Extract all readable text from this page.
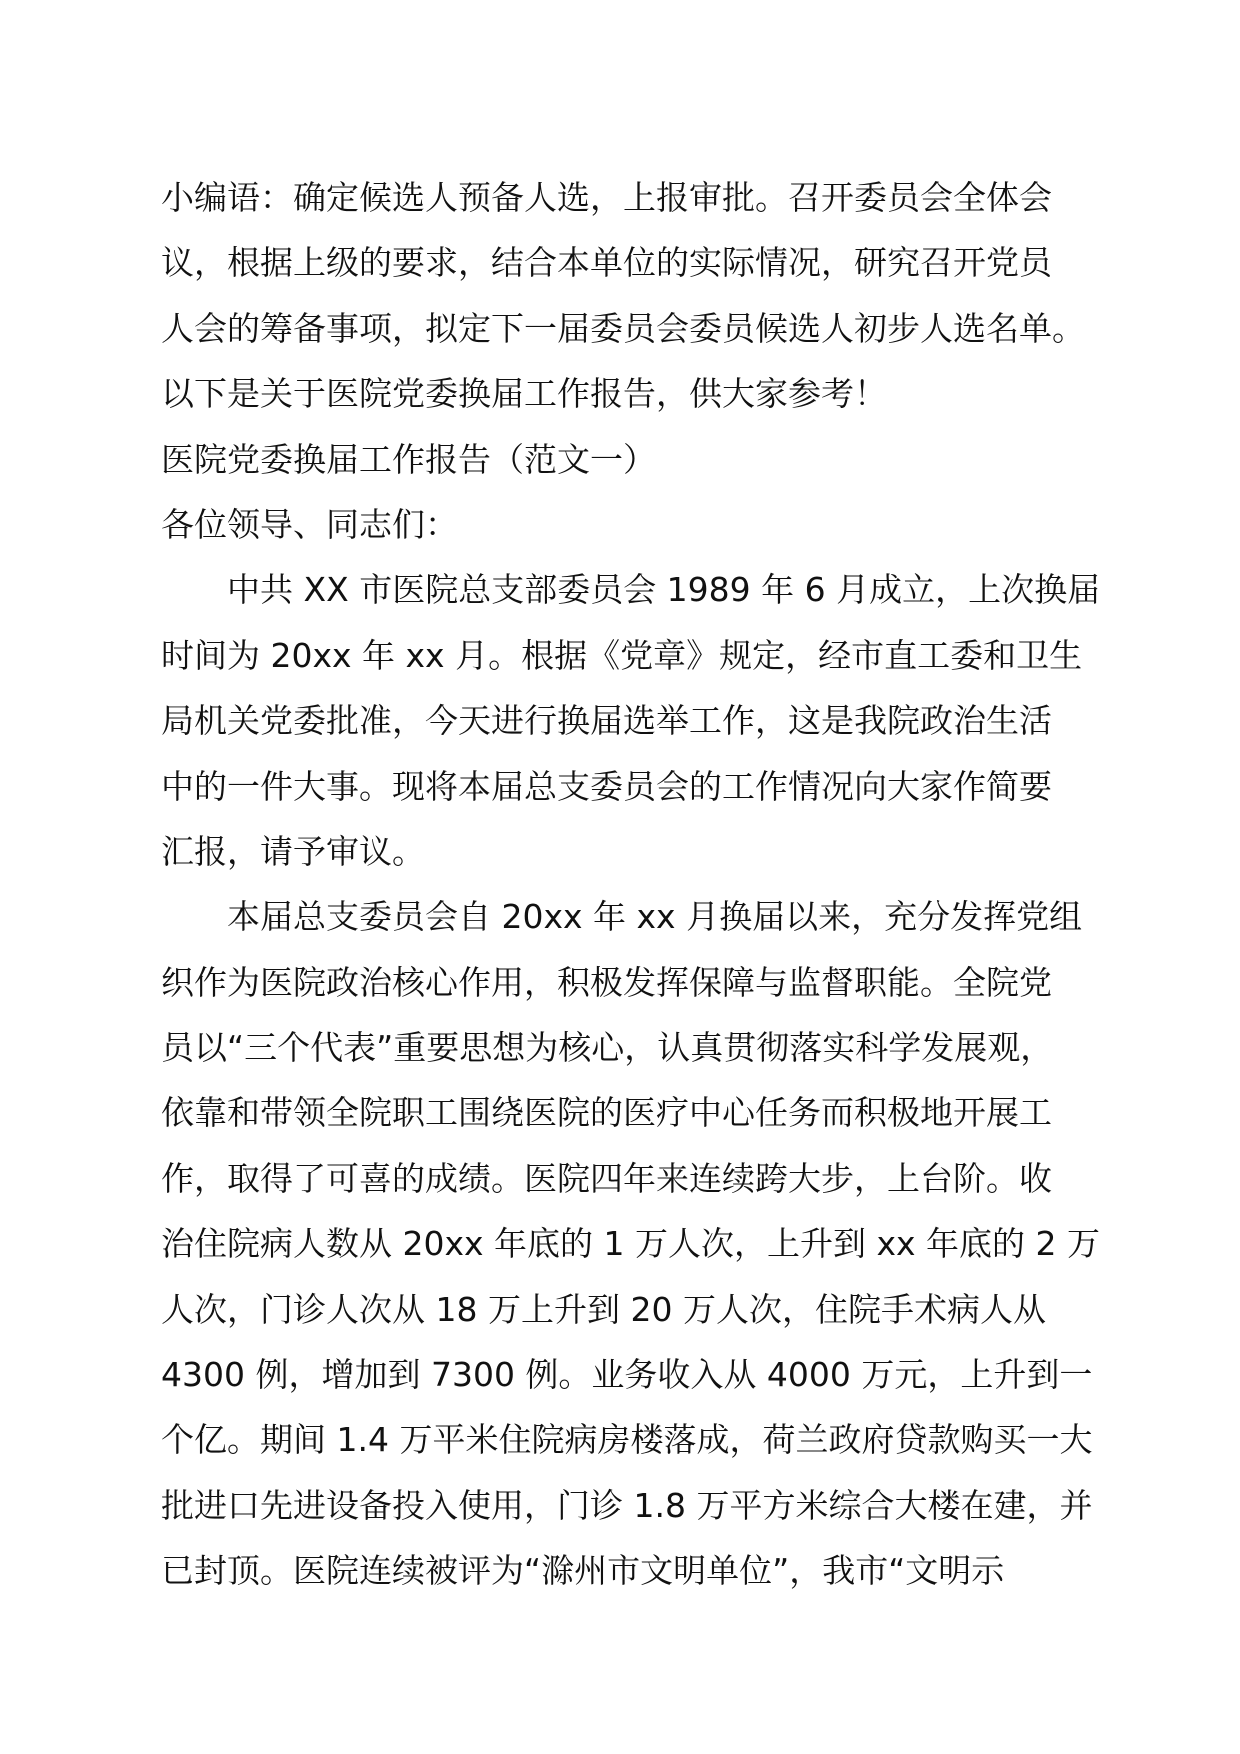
小编语：确定候选人预备人选，上报审批。召开委员会全体会
议，根据上级的要求，结合本单位的实际情况，研究召开党员
人会的筹备事项，拟定下一届委员会委员候选人初步人选名单。
以下是关于医院党委换届工作报告，供大家参考！
医院党委换届工作报告（范文一）
各位领导、同志们：
中共 XX 市医院总支部委员会 1989 年 6 月成立，上次换届
时间为 20xx 年 xx 月。根据《党章》规定，经市直工委和卫生
局机关党委批准，今天进行换届选举工作，这是我院政治生活
中的一件大事。现将本届总支委员会的工作情况向大家作简要
汇报，请予审议。
本届总支委员会自 20xx 年 xx 月换届以来，充分发挥党组
织作为医院政治核心作用，积极发挥保障与监督职能。全院党
员以“三个代表”重要思想为核心，认真贯彻落实科学发展观，
依靠和带领全院职工围绕医院的医疗中心任务而积极地开展工
作，取得了可喜的成绩。医院四年来连续跨大步，上台阶。收
治住院病人数从 20xx 年底的 1 万人次，上升到 xx 年底的 2 万
人次，门诊人次从 18 万上升到 20 万人次，住院手术病人从
4300 例，增加到 7300 例。业务收入从 4000 万元，上升到一
个亿。期间 1.4 万平米住院病房楼落成，荷兰政府贷款购买一大
批进口先进设备投入使用，门诊 1.8 万平方米综合大楼在建，并
已封顶。医院连续被评为“滁州市文明单位”，我市“文明示
